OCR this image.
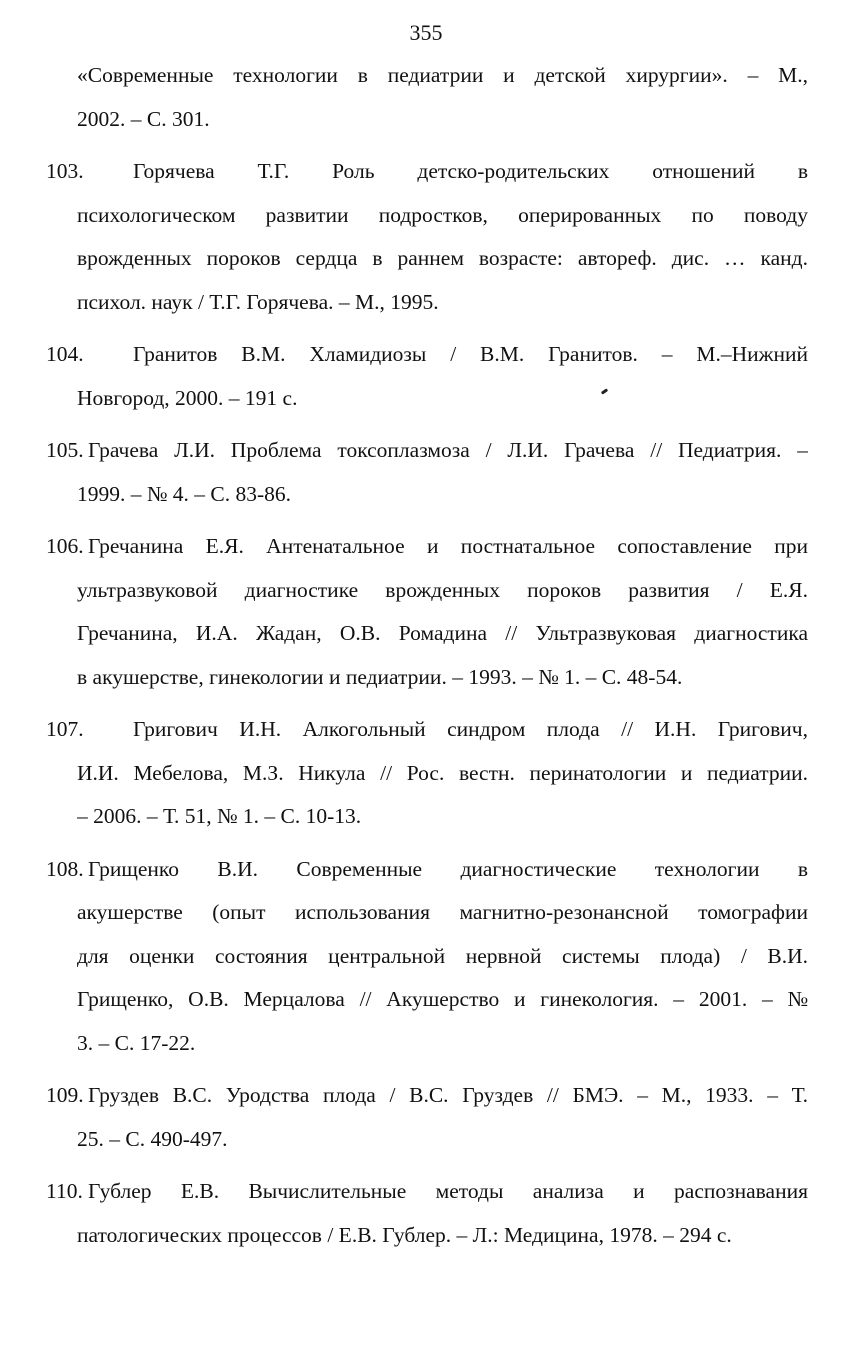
355
«Современные технологии в педиатрии и детской хирургии». – М.,
2002. – С. 301.
103.	Горячева Т.Г. Роль детско-родительских отношений в
психологическом развитии подростков, оперированных по поводу
врожденных пороков сердца в раннем возрасте: автореф. дис. … канд.
психол. наук / Т.Г. Горячева. – М., 1995.
104.	Гранитов В.М. Хламидиозы / В.М. Гранитов. – М.–Нижний
Новгород, 2000. – 191 с.
105. Грачева Л.И. Проблема токсоплазмоза / Л.И. Грачева // Педиатрия. –
1999. – № 4. – С. 83-86.
106. Гречанина Е.Я. Антенатальное и постнатальное сопоставление при
ультразвуковой диагностике врожденных пороков развития / Е.Я.
Гречанина, И.А. Жадан, О.В. Ромадина // Ультразвуковая диагностика
в акушерстве, гинекологии и педиатрии. – 1993. – № 1. – С. 48-54.
107.	Григович И.Н. Алкогольный синдром плода // И.Н. Григович,
И.И. Мебелова, М.З. Никула // Рос. вестн. перинатологии и педиатрии.
– 2006. – Т. 51, № 1. – С. 10-13.
108. Грищенко В.И. Современные диагностические технологии в
акушерстве (опыт использования магнитно-резонансной томографии
для оценки состояния центральной нервной системы плода) / В.И.
Грищенко, О.В. Мерцалова // Акушерство и гинекология. – 2001. – №
3. – С. 17-22.
109. Груздев В.С. Уродства плода / В.С. Груздев // БМЭ. – М., 1933. – Т.
25. – С. 490-497.
110. Гублер Е.В. Вычислительные методы анализа и распознавания
патологических процессов / Е.В. Гублер. – Л.: Медицина, 1978. – 294 с.
